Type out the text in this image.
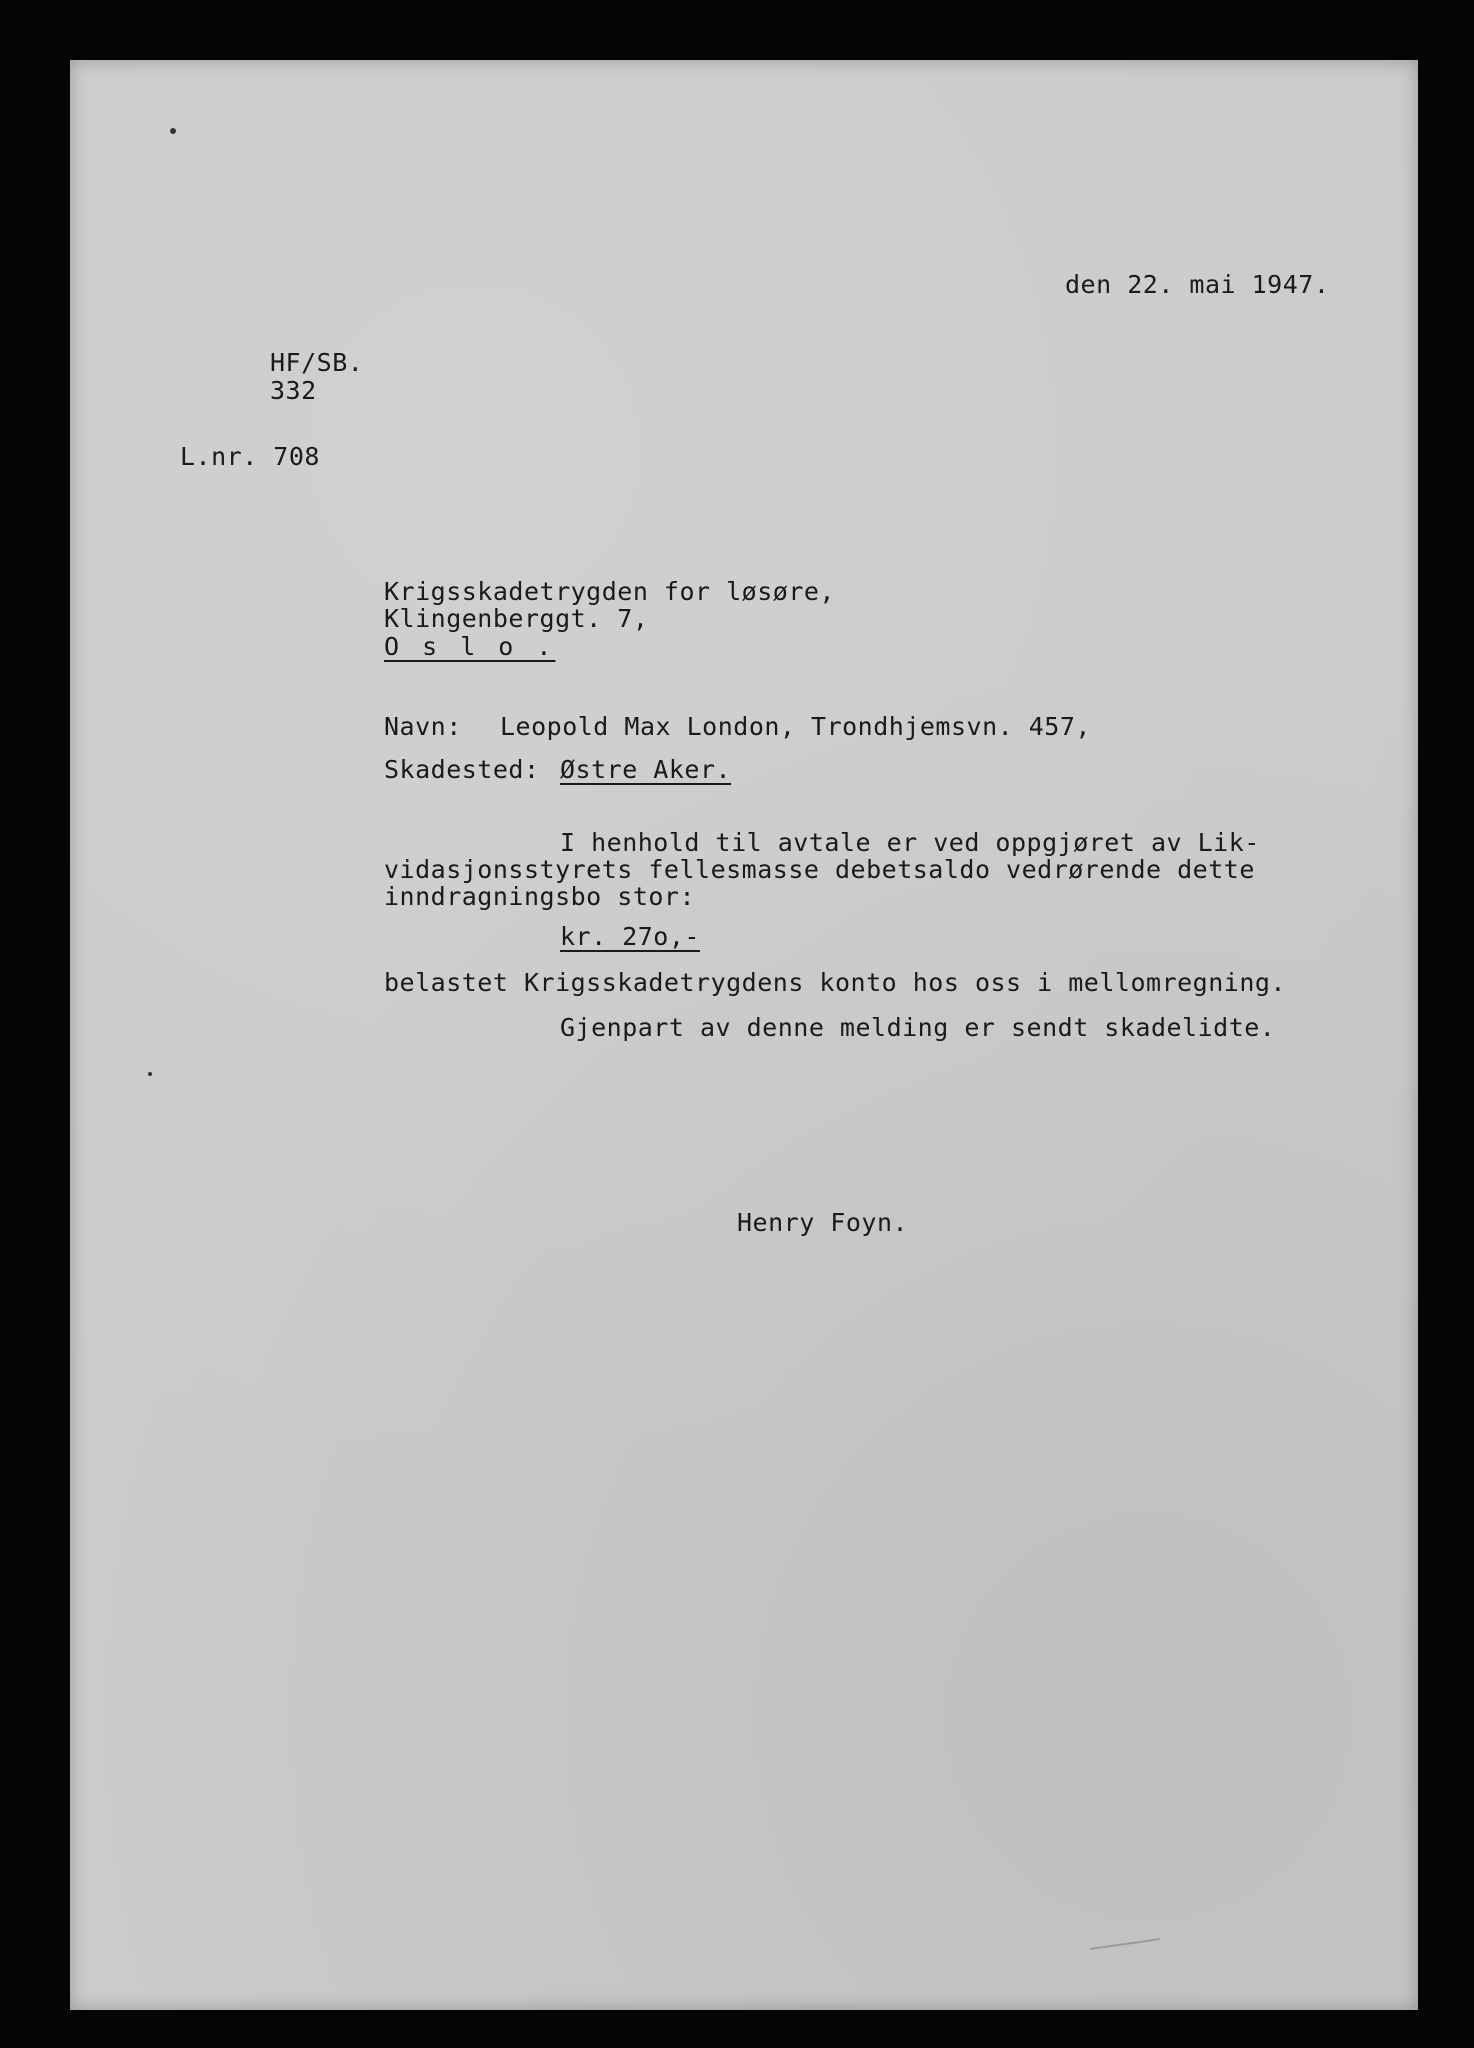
den 22. mai 1947.
HF/SB.
332
L.nr. 708
Krigsskadetrygden for løsøre,
Klingenberggt. 7,
O s l o .
Navn: Leopold Max London, Trondhjemsvn. 457,
Skadested: Østre Aker.
I henhold til avtale er ved oppgjøret av Lik-
vidasjonsstyrets fellesmasse debetsaldo vedrørende dette
inndragningsbo stor:
kr. 27o,-
belastet Krigsskadetrygdens konto hos oss i mellomregning.
Gjenpart av denne melding er sendt skadelidte.
Henry Foyn.
